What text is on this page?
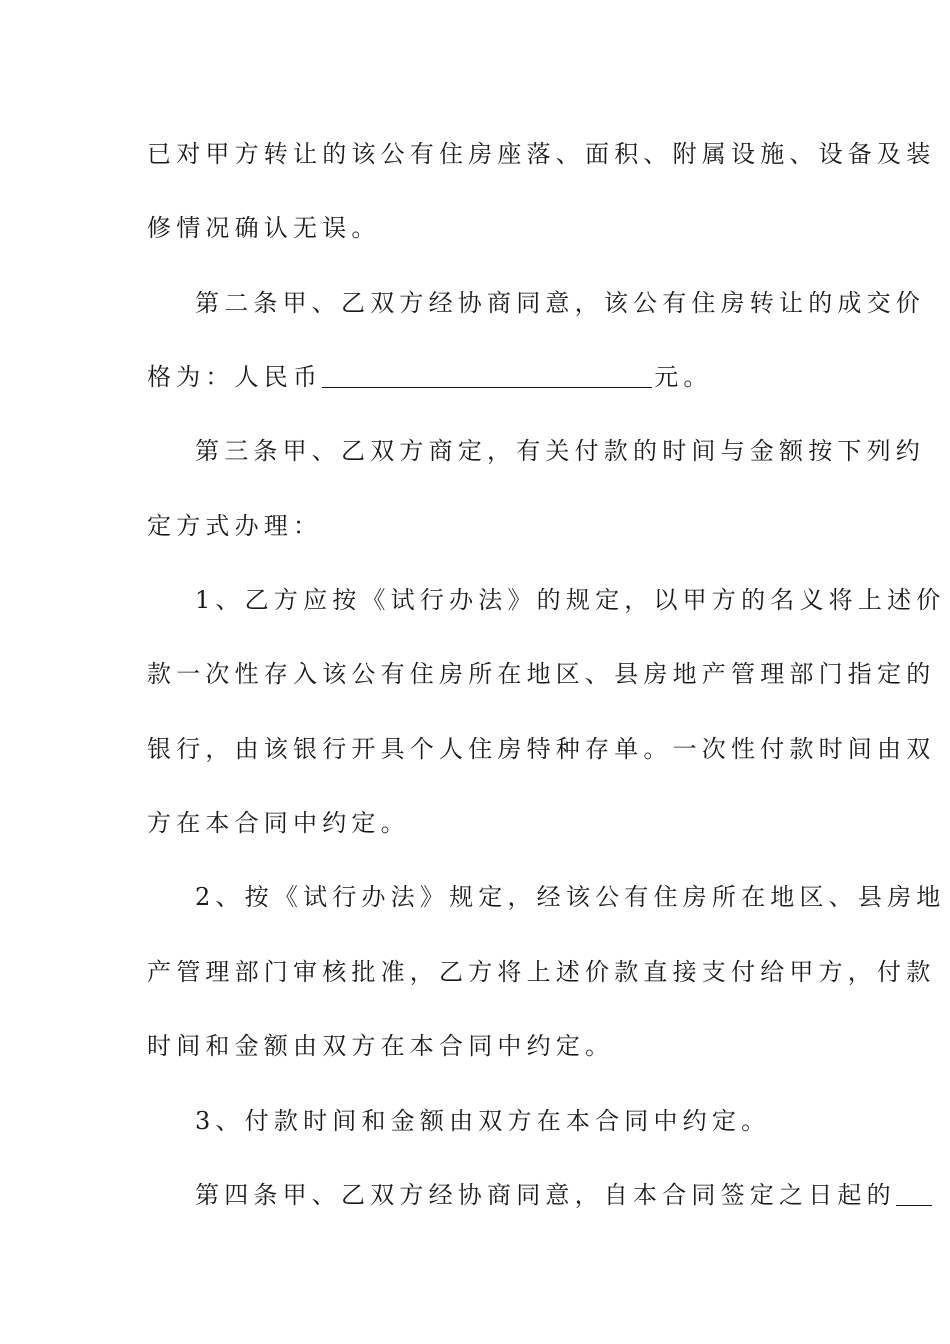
已对甲方转让的该公有住房座落、面积、附属设施、设备及装
修情况确认无误。
第二条甲、乙双方经协商同意，该公有住房转让的成交价
格为：人民币	元。
第三条甲、乙双方商定，有关付款的时间与金额按下列约
定方式办理：
1、乙方应按《试行办法》的规定，以甲方的名义将上述价
款一次性存入该公有住房所在地区、县房地产管理部门指定的
银行，由该银行开具个人住房特种存单。一次性付款时间由双
方在本合同中约定。
2、按《试行办法》规定，经该公有住房所在地区、县房地
产管理部门审核批准，乙方将上述价款直接支付给甲方，付款
时间和金额由双方在本合同中约定。
3、付款时间和金额由双方在本合同中约定。
第四条甲、乙双方经协商同意，自本合同签定之日起的
